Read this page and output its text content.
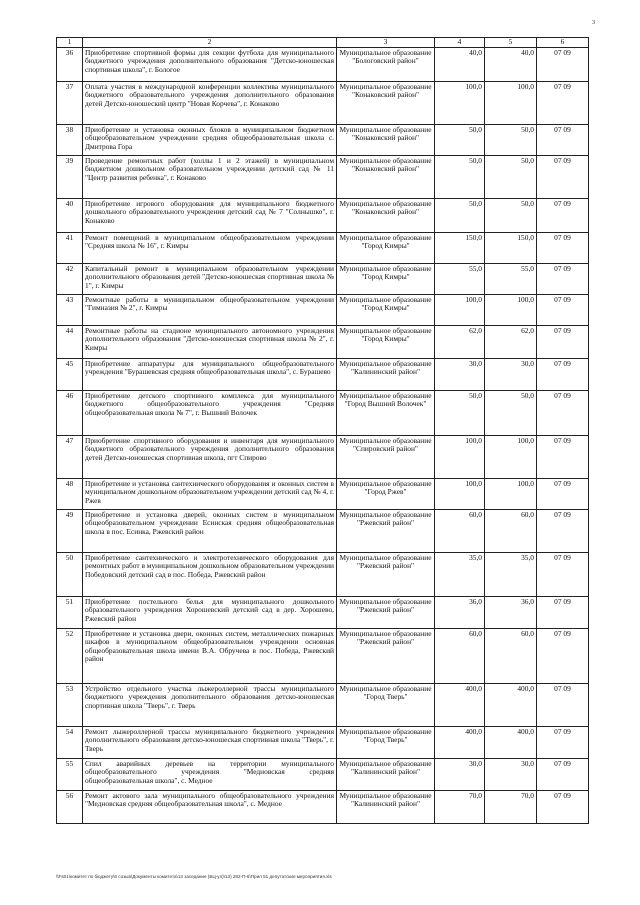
3
1	2	3	4	5	6
36	Приобретение спортивной формы для секции футбола для муниципального бюджетного учреждения дополнительного образования "Детско-юношеская спортивная школа", г. Бологое	Муниципальное образование "Бологовский район"	40,0	40,0	07 09
37	Оплата участия в международной конференции коллектива муниципального бюджетного образовательного учреждения дополнительного образования детей Детско-юношеский центр "Новая Корчева", г. Конаково	Муниципальное образование "Конаковский район"	100,0	100,0	07 09
38	Приобретение и установка оконных блоков в муниципальном бюджетном общеобразовательном учреждении средняя общеобразовательная школа с. Дмитрова Гора	Муниципальное образование "Конаковский район"	50,0	50,0	07 09
39	Проведение ремонтных работ (холлы 1 и 2 этажей) в муниципальном бюджетном дошкольном образовательном учреждении детский сад № 11 "Центр развития ребенка", г. Конаково	Муниципальное образование "Конаковский район"	50,0	50,0	07 09
40	Приобретение игрового оборудования для муниципального бюджетного дошкольного образовательного учреждения детский сад № 7 "Солнышко", г. Конаково	Муниципальное образование "Конаковский район"	50,0	50,0	07 09
41	Ремонт помещений в муниципальном общеобразовательном учреждении "Средняя школа № 16", г. Кимры	Муниципальное образование "Город Кимры"	150,0	150,0	07 09
42	Капитальный ремонт в муниципальном образовательном учреждении дополнительного образования детей "Детско-юношеская спортивная школа № 1", г. Кимры	Муниципальное образование "Город Кимры"	55,0	55,0	07 09
43	Ремонтные работы в муниципальном общеобразовательном учреждении "Гимназия № 2", г. Кимры	Муниципальное образование "Город Кимры"	100,0	100,0	07 09
44	Ремонтные работы на стадионе муниципального автономного учреждения дополнительного образования "Детско-юношеская спортивная школа № 2", г. Кимры	Муниципальное образование "Город Кимры"	62,0	62,0	07 09
45	Приобретение аппаратуры для муниципального общеобразовательного учреждения "Бурашевская средняя общеобразовательная школа", с. Бурашево	Муниципальное образование "Калининский район"	30,0	30,0	07 09
46	Приобретение детского спортивного комплекса для муниципального бюджетного общеобразовательного учреждения "Средняя общеобразовательная школа № 7", г. Вышний Волочек	Муниципальное образование "Город Вышний Волочек"	50,0	50,0	07 09
47	Приобретение спортивного оборудования и инвентаря для муниципального бюджетного образовательного учреждения дополнительного образования детей Детско-юношеская спортивная школа, пгт Спирово	Муниципальное образование "Спировский район"	100,0	100,0	07 09
48	Приобретение и установка сантехнического оборудования и оконных систем в муниципальном дошкольном образовательном учреждении детский сад № 4, г. Ржев	Муниципальное образование "Город Ржев"	100,0	100,0	07 09
49	Приобретение и установка дверей, оконных систем в муниципальном общеобразовательном учреждении Есинская средняя общеобразовательная школа в пос. Есинка, Ржевский район	Муниципальное образование "Ржевский район"	60,0	60,0	07 09
50	Приобретение сантехнического и электротехнического оборудования для ремонтных работ в муниципальном дошкольном образовательном учреждении Победовский детский сад в пос. Победа, Ржевский район	Муниципальное образование "Ржевский район"	35,0	35,0	07 09
51	Приобретение постельного белья для муниципального дошкольного образовательного учреждения Хорошевский детский сад в дер. Хорошево, Ржевский район	Муниципальное образование "Ржевский район"	36,0	36,0	07 09
52	Приобретение и установка двери, оконных систем, металлических пожарных шкафов в муниципальном общеобразовательном учреждении основная общеобразовательная школа имени В.А. Обручева в пос. Победа, Ржевский район	Муниципальное образование "Ржевский район"	60,0	60,0	07 09
53	Устройство отдельного участка лыжероллерной трассы муниципального бюджетного учреждения дополнительного образования детско-юношеская спортивная школа "Тверь", г. Тверь	Муниципальное образование "Город Тверь"	400,0	400,0	07 09
54	Ремонт лыжероллерной трассы муниципального бюджетного учреждения дополнительного образования детско-юношеская спортивная школа "Тверь", г. Тверь	Муниципальное образование "Город Тверь"	400,0	400,0	07 09
55	Спил аварийных деревьев на территории муниципального общеобразовательного учреждения "Медновская средняя общеобразовательная школа", с. Медное	Муниципальное образование "Калининский район"	30,0	30,0	07 09
56	Ремонт актового зала муниципального общеобразовательного учреждения "Медновская средняя общеобразовательная школа", с. Медное	Муниципальное образование "Калининский район"	70,0	70,0	07 09
\\Fs01\комитет по бюджету\6 созыв\Документы комитета\13 заседание (БЦ-ул)\13) 282-П-6\Прил 51 депутатские мероприятия.xls
